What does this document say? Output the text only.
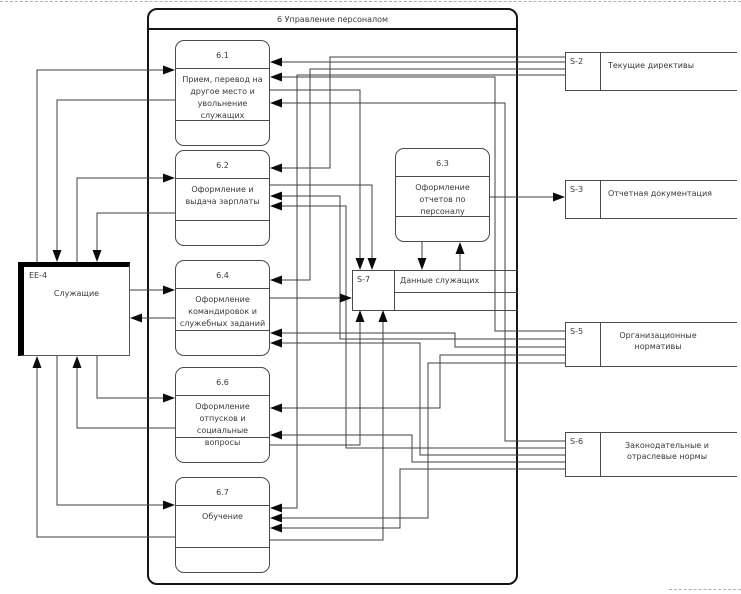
6 Управление персоналом
6.1
Прием, перевод на другое место и увольнение служащих
6.2
Оформление и выдача зарплаты
6.3
Оформление отчетов по персоналу
6.4
Оформление командировок и служебных заданий
6.6
Оформление отпусков и социальные вопросы
6.7
Обучение
ЕЕ-4
Служащие
S-7	Данные служащих
S-2	Текущие директивы
S-3	Отчетная документация
S-5	Организационные нормативы
S-6	Законодательные и отраслевые нормы
